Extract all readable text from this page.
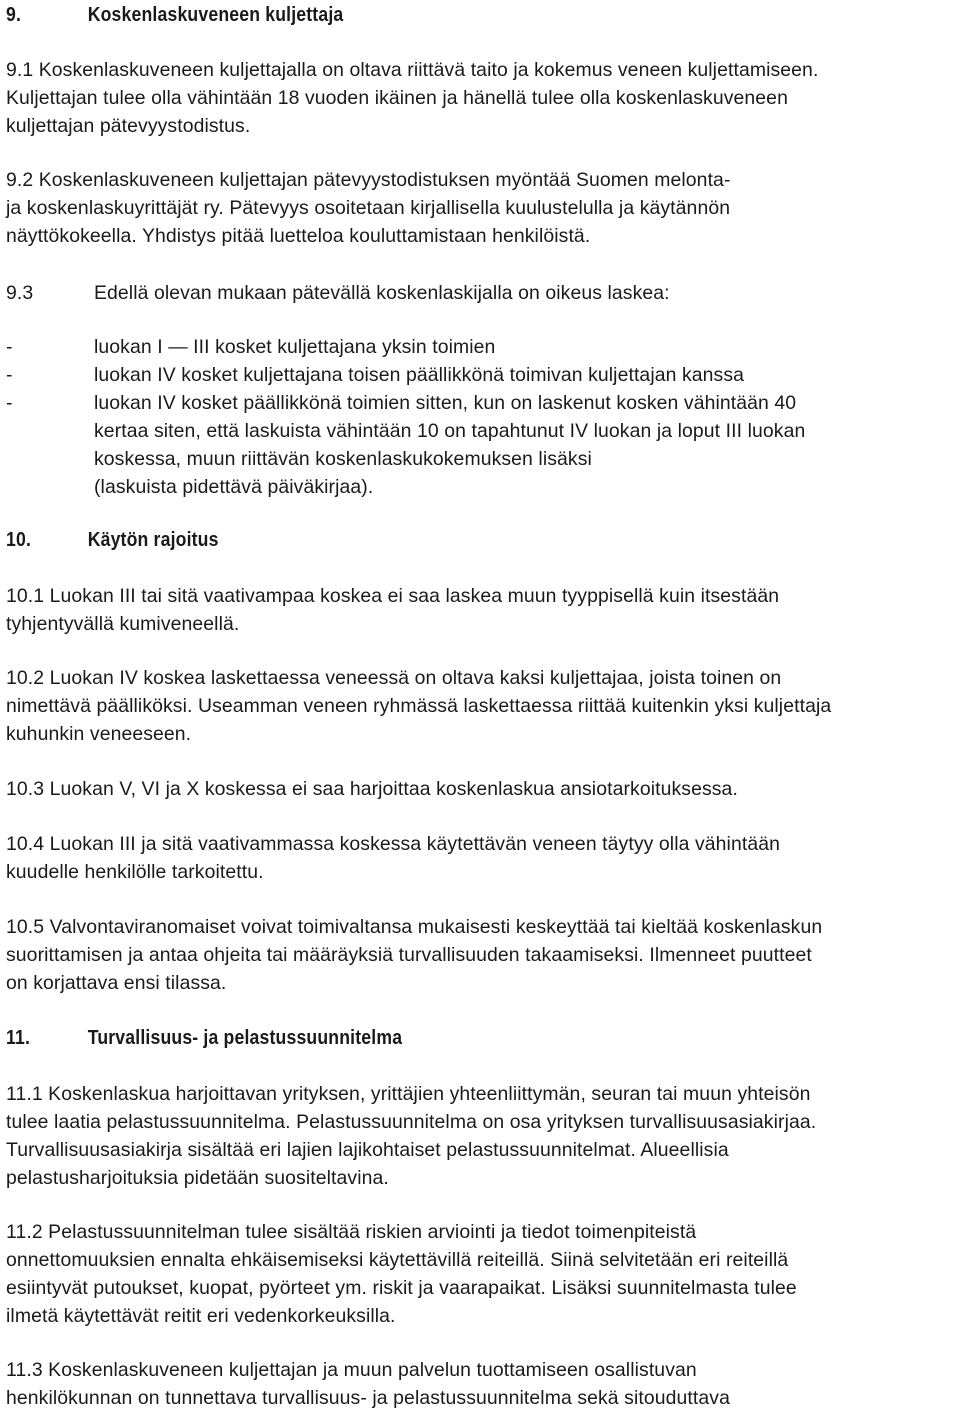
9.	Koskenlaskuveneen kuljettaja
9.1 Koskenlaskuveneen kuljettajalla on oltava riittävä taito ja kokemus veneen kuljettamiseen.
Kuljettajan tulee olla vähintään 18 vuoden ikäinen ja hänellä tulee olla koskenlaskuveneen
kuljettajan pätevyystodistus.
9.2 Koskenlaskuveneen kuljettajan pätevyystodistuksen myöntää Suomen melonta-
ja koskenlaskuyrittäjät ry. Pätevyys osoitetaan kirjallisella kuulustelulla ja käytännön
näyttökokeella. Yhdistys pitää luetteloa kouluttamistaan henkilöistä.
9.3	Edellä olevan mukaan pätevällä koskenlaskijalla on oikeus laskea:
-	luokan I — III kosket kuljettajana yksin toimien
-	luokan IV kosket kuljettajana toisen päällikkönä toimivan kuljettajan kanssa
-	luokan IV kosket päällikkönä toimien sitten, kun on laskenut kosken vähintään 40
kertaa siten, että laskuista vähintään 10 on tapahtunut IV luokan ja loput III luokan
koskessa, muun riittävän koskenlaskukokemuksen lisäksi
(laskuista pidettävä päiväkirjaa).
10.	Käytön rajoitus
10.1 Luokan III tai sitä vaativampaa koskea ei saa laskea muun tyyppisellä kuin itsestään
tyhjentyvällä kumiveneellä.
10.2 Luokan IV koskea laskettaessa veneessä on oltava kaksi kuljettajaa, joista toinen on
nimettävä päälliköksi. Useamman veneen ryhmässä laskettaessa riittää kuitenkin yksi kuljettaja
kuhunkin veneeseen.
10.3 Luokan V, VI ja X koskessa ei saa harjoittaa koskenlaskua ansiotarkoituksessa.
10.4 Luokan III ja sitä vaativammassa koskessa käytettävän veneen täytyy olla vähintään
kuudelle henkilölle tarkoitettu.
10.5 Valvontaviranomaiset voivat toimivaltansa mukaisesti keskeyttää tai kieltää koskenlaskun
suorittamisen ja antaa ohjeita tai määräyksiä turvallisuuden takaamiseksi. Ilmenneet puutteet
on korjattava ensi tilassa.
11.	Turvallisuus- ja pelastussuunnitelma
11.1 Koskenlaskua harjoittavan yrityksen, yrittäjien yhteenliittymän, seuran tai muun yhteisön
tulee laatia pelastussuunnitelma. Pelastussuunnitelma on osa yrityksen turvallisuusasiakirjaa.
Turvallisuusasiakirja sisältää eri lajien lajikohtaiset pelastussuunnitelmat. Alueellisia
pelastusharjoituksia pidetään suositeltavina.
11.2 Pelastussuunnitelman tulee sisältää riskien arviointi ja tiedot toimenpiteistä
onnettomuuksien ennalta ehkäisemiseksi käytettävillä reiteillä. Siinä selvitetään eri reiteillä
esiintyvät putoukset, kuopat, pyörteet ym. riskit ja vaarapaikat. Lisäksi suunnitelmasta tulee
ilmetä käytettävät reitit eri vedenkorkeuksilla.
11.3 Koskenlaskuveneen kuljettajan ja muun palvelun tuottamiseen osallistuvan
henkilökunnan on tunnettava turvallisuus- ja pelastussuunnitelma sekä sitouduttava
